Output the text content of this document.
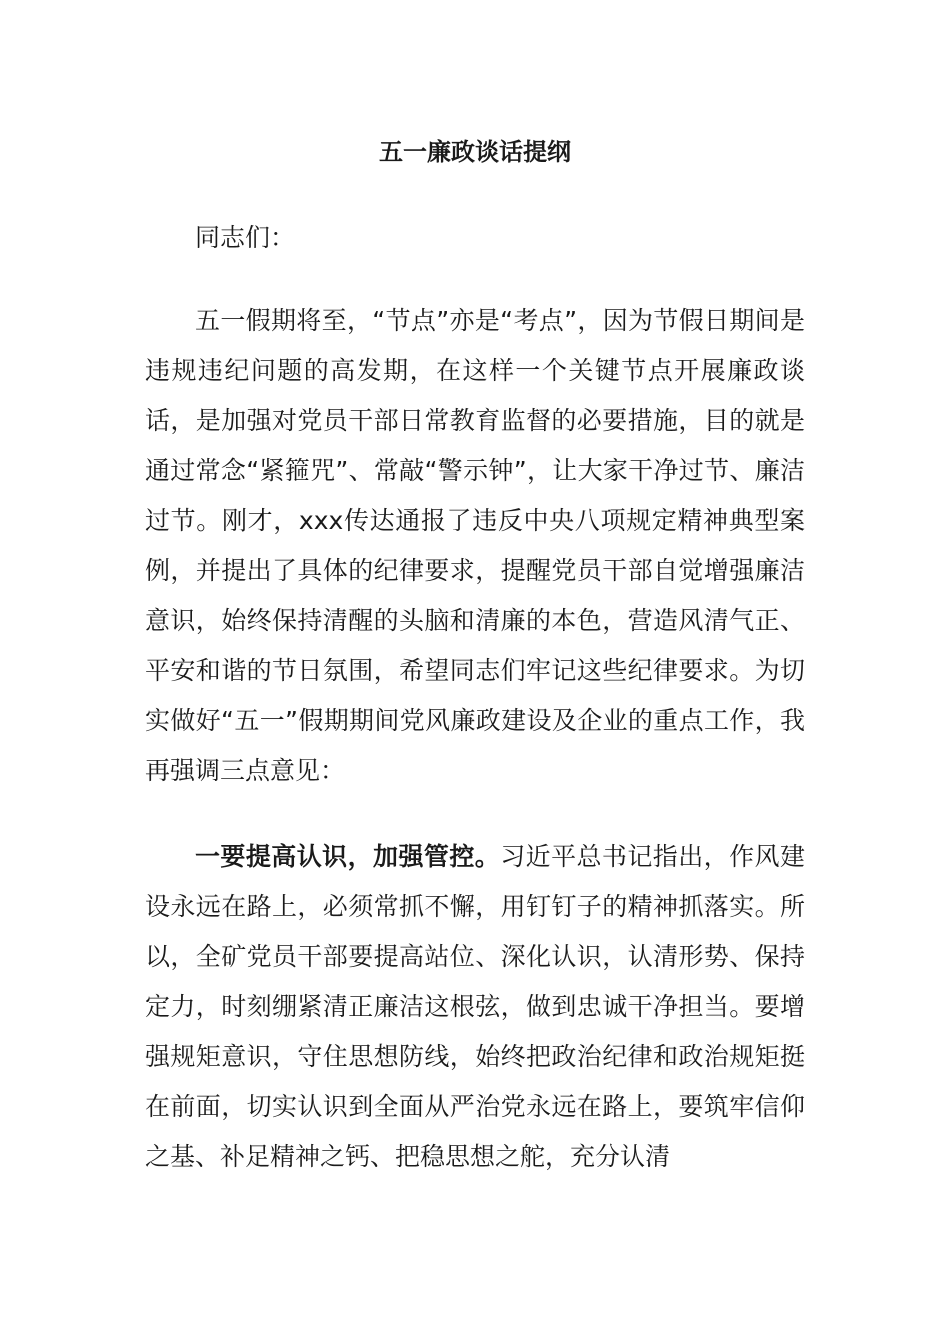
五一廉政谈话提纲
同志们：

五一假期将至，“节点”亦是“考点”，因为节假日期间是违规违纪问题的高发期，在这样一个关键节点开展廉政谈话，是加强对党员干部日常教育监督的必要措施，目的就是通过常念“紧箍咒”、常敲“警示钟”，让大家干净过节、廉洁过节。刚才，xxx传达通报了违反中央八项规定精神典型案例，并提出了具体的纪律要求，提醒党员干部自觉增强廉洁意识，始终保持清醒的头脑和清廉的本色，营造风清气正、平安和谐的节日氛围，希望同志们牢记这些纪律要求。为切实做好“五一”假期期间党风廉政建设及企业的重点工作，我再强调三点意见：

一要提高认识，加强管控。习近平总书记指出，作风建设永远在路上，必须常抓不懈，用钉钉子的精神抓落实。所以，全矿党员干部要提高站位、深化认识，认清形势、保持定力，时刻绷紧清正廉洁这根弦，做到忠诚干净担当。要增强规矩意识，守住思想防线，始终把政治纪律和政治规矩挺在前面，切实认识到全面从严治党永远在路上，要筑牢信仰之基、补足精神之钙、把稳思想之舵，充分认清
